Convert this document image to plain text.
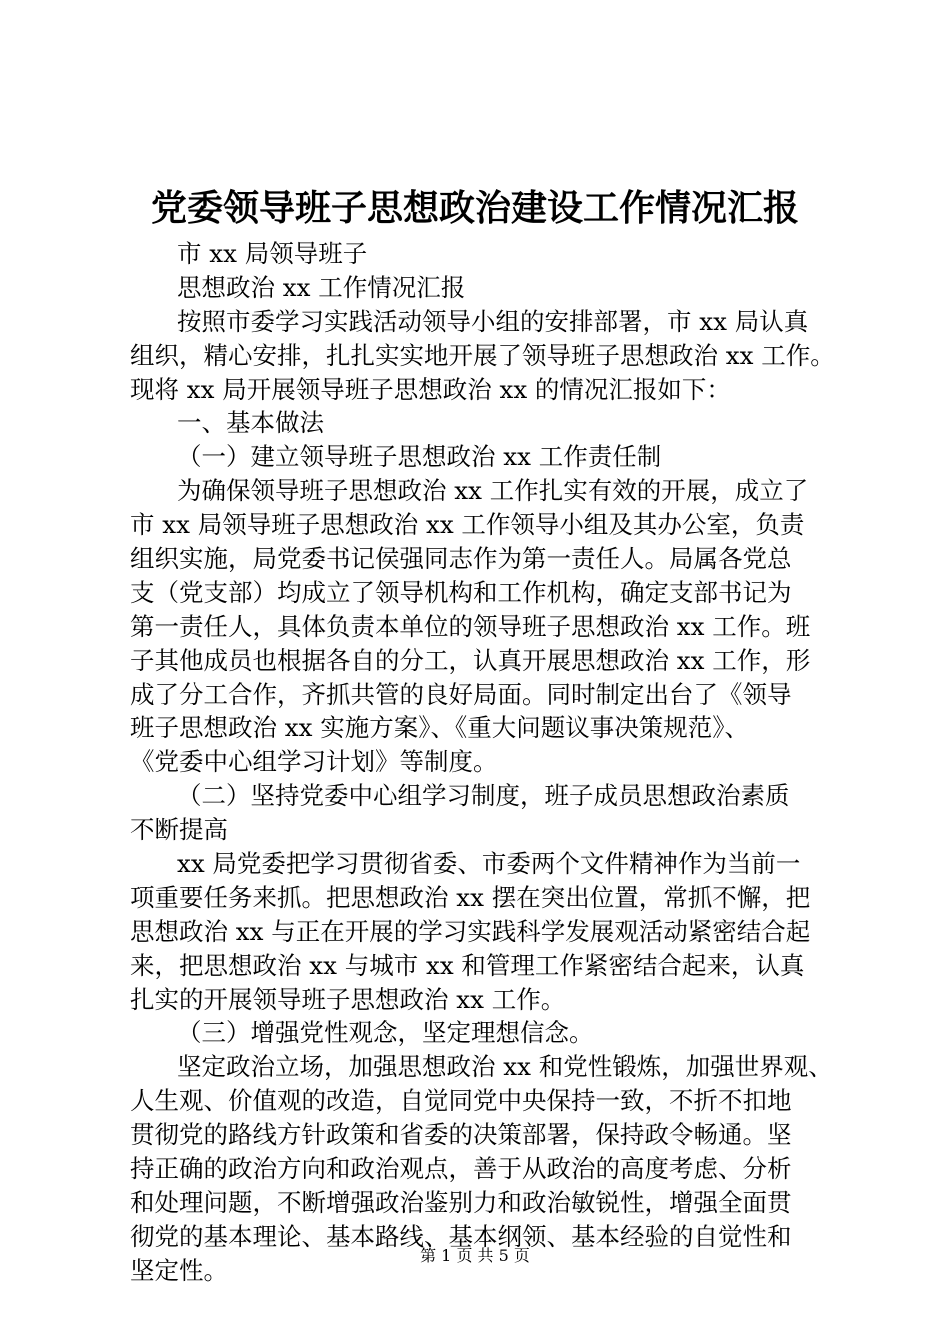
党委领导班子思想政治建设工作情况汇报
市 xx 局领导班子
思想政治 xx 工作情况汇报
按照市委学习实践活动领导小组的安排部署，市 xx 局认真
组织，精心安排，扎扎实实地开展了领导班子思想政治 xx 工作。
现将 xx 局开展领导班子思想政治 xx 的情况汇报如下：
一、基本做法
（一）建立领导班子思想政治 xx 工作责任制
为确保领导班子思想政治 xx 工作扎实有效的开展，成立了
市 xx 局领导班子思想政治 xx 工作领导小组及其办公室，负责
组织实施，局党委书记侯强同志作为第一责任人。局属各党总
支（党支部）均成立了领导机构和工作机构，确定支部书记为
第一责任人，具体负责本单位的领导班子思想政治 xx 工作。班
子其他成员也根据各自的分工，认真开展思想政治 xx 工作，形
成了分工合作，齐抓共管的良好局面。同时制定出台了《领导
班子思想政治 xx 实施方案》、《重大问题议事决策规范》、
《党委中心组学习计划》等制度。
（二）坚持党委中心组学习制度，班子成员思想政治素质
不断提高
xx 局党委把学习贯彻省委、市委两个文件精神作为当前一
项重要任务来抓。把思想政治 xx 摆在突出位置，常抓不懈，把
思想政治 xx 与正在开展的学习实践科学发展观活动紧密结合起
来，把思想政治 xx 与城市 xx 和管理工作紧密结合起来，认真
扎实的开展领导班子思想政治 xx 工作。
（三）增强党性观念，坚定理想信念。
坚定政治立场，加强思想政治 xx 和党性锻炼，加强世界观、
人生观、价值观的改造，自觉同党中央保持一致，不折不扣地
贯彻党的路线方针政策和省委的决策部署，保持政令畅通。坚
持正确的政治方向和政治观点，善于从政治的高度考虑、分析
和处理问题，不断增强政治鉴别力和政治敏锐性，增强全面贯
彻党的基本理论、基本路线、基本纲领、基本经验的自觉性和
坚定性。
第 1 页 共 5 页
